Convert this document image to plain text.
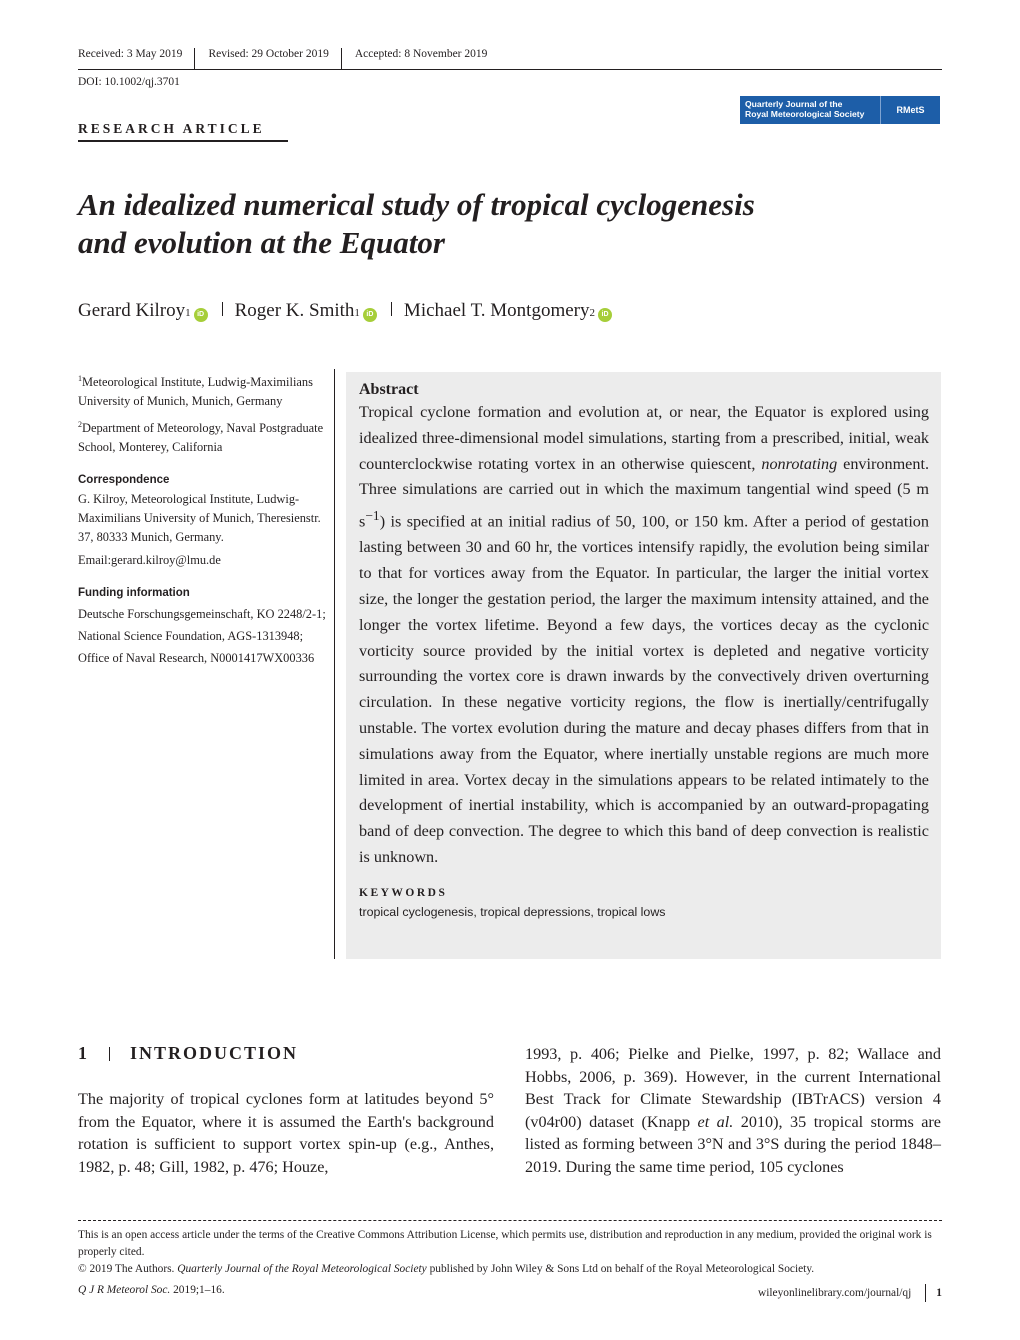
Received: 3 May 2019	Revised: 29 October 2019	Accepted: 8 November 2019
DOI: 10.1002/qj.3701
Quarterly Journal of the
Royal Meteorological Society	RMetS
RESEARCH ARTICLE
An idealized numerical study of tropical cyclogenesis
and evolution at the Equator
Gerard Kilroy 1 iD Roger K. Smith 1 iD Michael T. Montgomery 2 iD

$^1$Meteorological Institute, Ludwig-Maximilians University of Munich, Munich, Germany

$^2$Department of Meteorology, Naval Postgraduate School, Monterey, California

Correspondence

G. Kilroy, Meteorological Institute, Ludwig-Maximilians University of Munich, Theresienstr. 37, 80333 Munich, Germany.

Email:gerard.kilroy@lmu.de

Funding information

Deutsche Forschungsgemeinschaft, KO 2248/2-1; National Science Foundation, AGS-1313948; Office of Naval Research, N0001417WX00336

Abstract

Tropical cyclone formation and evolution at, or near, the Equator is explored using idealized three-dimensional model simulations, starting from a prescribed, initial, weak counterclockwise rotating vortex in an otherwise quiescent, nonrotating environment. Three simulations are carried out in which the maximum tangential wind speed (5 m $s^{-1}$) is specified at an initial radius of 50, 100, or 150 km. After a period of gestation lasting between 30 and 60 hr, the vortices intensify rapidly, the evolution being similar to that for vortices away from the Equator. In particular, the larger the initial vortex size, the longer the gestation period, the larger the maximum intensity attained, and the longer the vortex lifetime. Beyond a few days, the vortices decay as the cyclonic vorticity source provided by the initial vortex is depleted and negative vorticity surrounding the vortex core is drawn inwards by the convectively driven overturning circulation. In these negative vorticity regions, the flow is inertially/centrifugally unstable. The vortex evolution during the mature and decay phases differs from that in simulations away from the Equator, where inertially unstable regions are much more limited in area. Vortex decay in the simulations appears to be related intimately to the development of inertial instability, which is accompanied by an outward-propagating band of deep convection. The degree to which this band of deep convection is realistic is unknown.

KEYWORDS
tropical cyclogenesis, tropical depressions, tropical lows
1 INTRODUCTION

The majority of tropical cyclones form at latitudes beyond 5° from the Equator, where it is assumed the Earth's background rotation is sufficient to support vortex spin-up (e.g., Anthes, 1982, p. 48; Gill, 1982, p. 476; Houze,

1993, p. 406; Pielke and Pielke, 1997, p. 82; Wallace and Hobbs, 2006, p. 369). However, in the current International Best Track for Climate Stewardship (IBTrACS) version 4 (v04r00) dataset (Knapp et al. 2010), 35 tropical storms are listed as forming between 3°N and 3°S during the period 1848–2019. During the same time period, 105 cyclones

This is an open access article under the terms of the Creative Commons Attribution License, which permits use, distribution and reproduction in any medium, provided the original work is properly cited.

© 2019 The Authors. Quarterly Journal of the Royal Meteorological Society published by John Wiley & Sons Ltd on behalf of the Royal Meteorological Society.

Q J R Meteorol Soc. 2019;1–16.	wileyonlinelibrary.com/journal/qj 1
